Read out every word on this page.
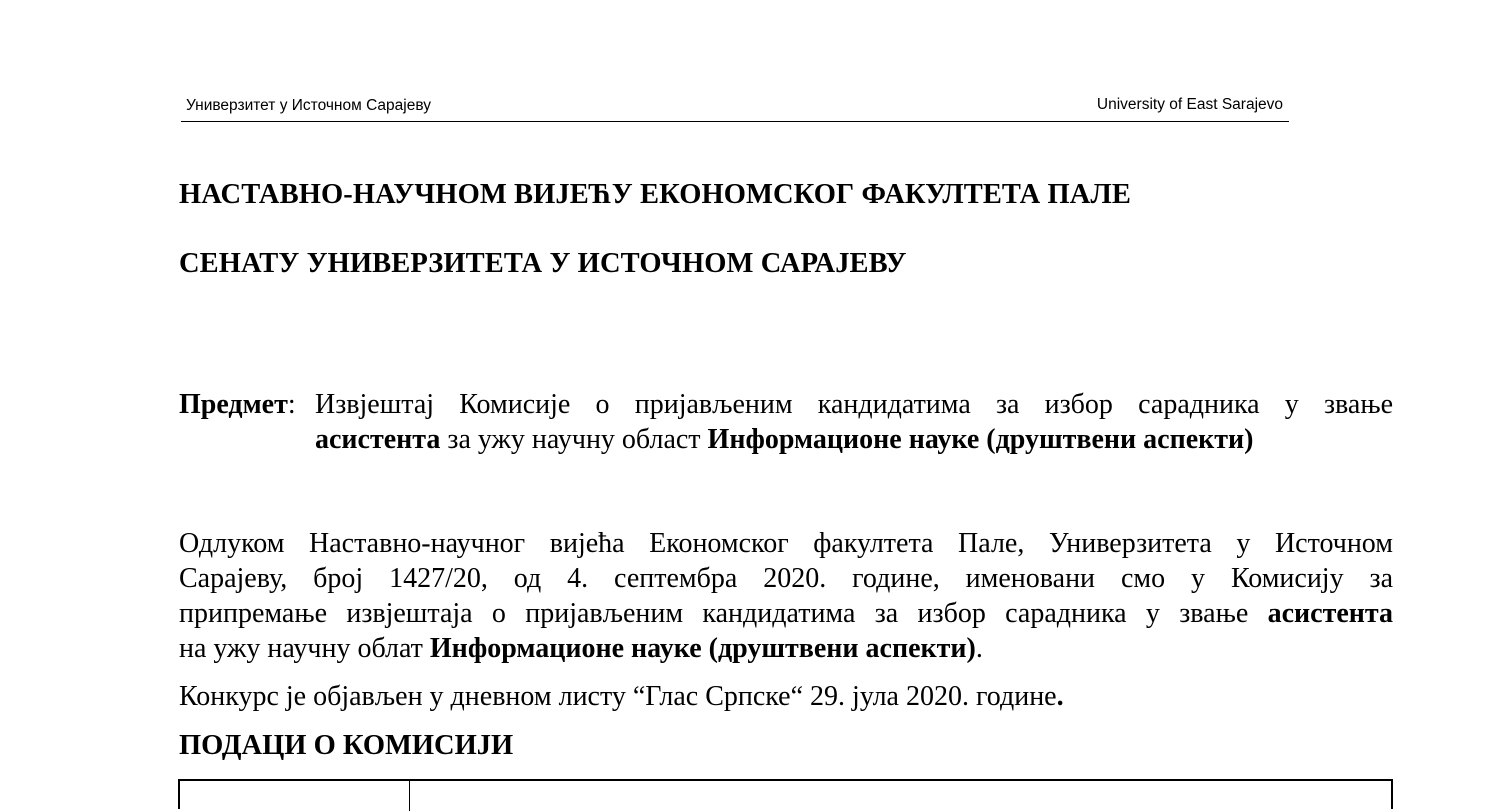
Универзитет у Источном Сарајеву	University of East Sarajevo
НАСТАВНО-НАУЧНОМ ВИЈЕЋУ ЕКОНОМСКОГ ФАКУЛТЕТА ПАЛЕ
СЕНАТУ УНИВЕРЗИТЕТА У ИСТОЧНОМ САРАЈЕВУ
Предмет: Извјештај Комисије о пријављеним кандидатима за избор сарадника у звање
асистента за ужу научну област Информационе науке (друштвени аспекти)
Одлуком Наставно-научног вијећа Економског факултета Пале, Универзитета у Источном
Сарајеву, број 1427/20, од 4. септембра 2020. године, именовани смо у Комисију за
припремање извјештаја о пријављеним кандидатима за избор сарадника у звање асистента
на ужу научну облат Информационе науке (друштвени аспекти).
Конкурс је објављен у дневном листу “Глас Српске“ 29. јула 2020. године.
ПОДАЦИ О КОМИСИЈИ
